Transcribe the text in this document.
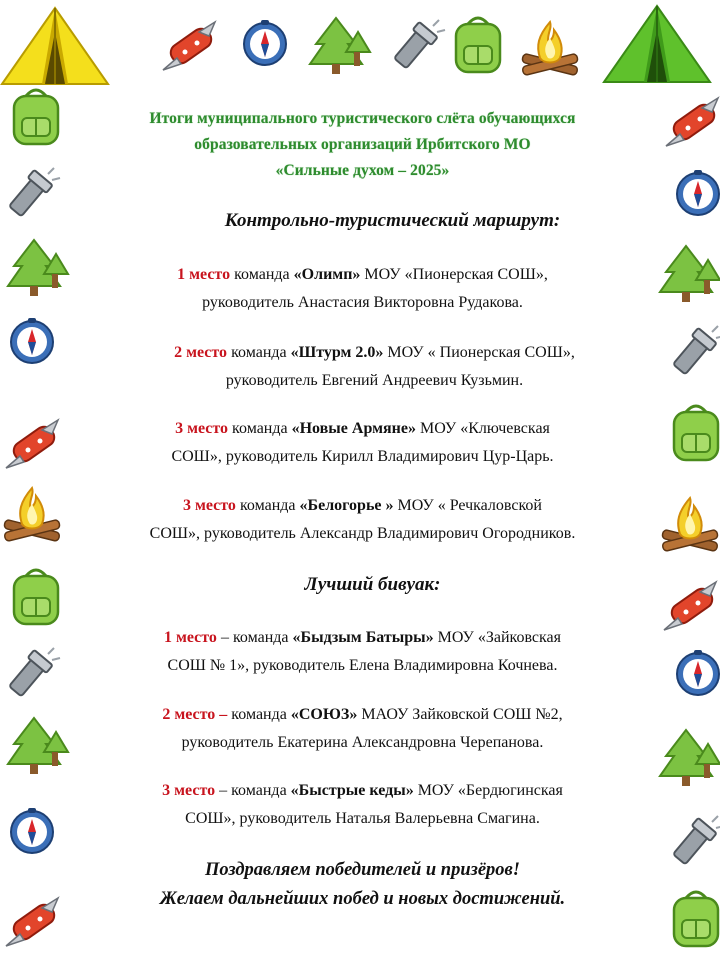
Итоги муниципального туристического слёта обучающихся
образовательных организаций Ирбитского МО
«Сильные духом – 2025»
Контрольно-туристический маршрут:
1 место команда «Олимп» МОУ «Пионерская СОШ»,
руководитель Анастасия Викторовна Рудакова.
2 место команда «Штурм 2.0» МОУ « Пионерская СОШ»,
руководитель Евгений Андреевич Кузьмин.
3 место команда «Новые Армяне» МОУ «Ключевская
СОШ», руководитель Кирилл Владимирович Цур-Царь.
3 место команда «Белогорье » МОУ « Речкаловской
СОШ», руководитель Александр Владимирович Огородников.
Лучший бивуак:
1 место – команда «Быдзым Батыры» МОУ «Зайковская
СОШ № 1», руководитель Елена Владимировна Кочнева.
2 место – команда «СОЮЗ» МАОУ Зайковской СОШ №2,
руководитель Екатерина Александровна Черепанова.
3 место – команда «Быстрые кеды» МОУ «Бердюгинская
СОШ», руководитель Наталья Валерьевна Смагина.
Поздравляем победителей и призёров!
Желаем дальнейших побед и новых достижений.
